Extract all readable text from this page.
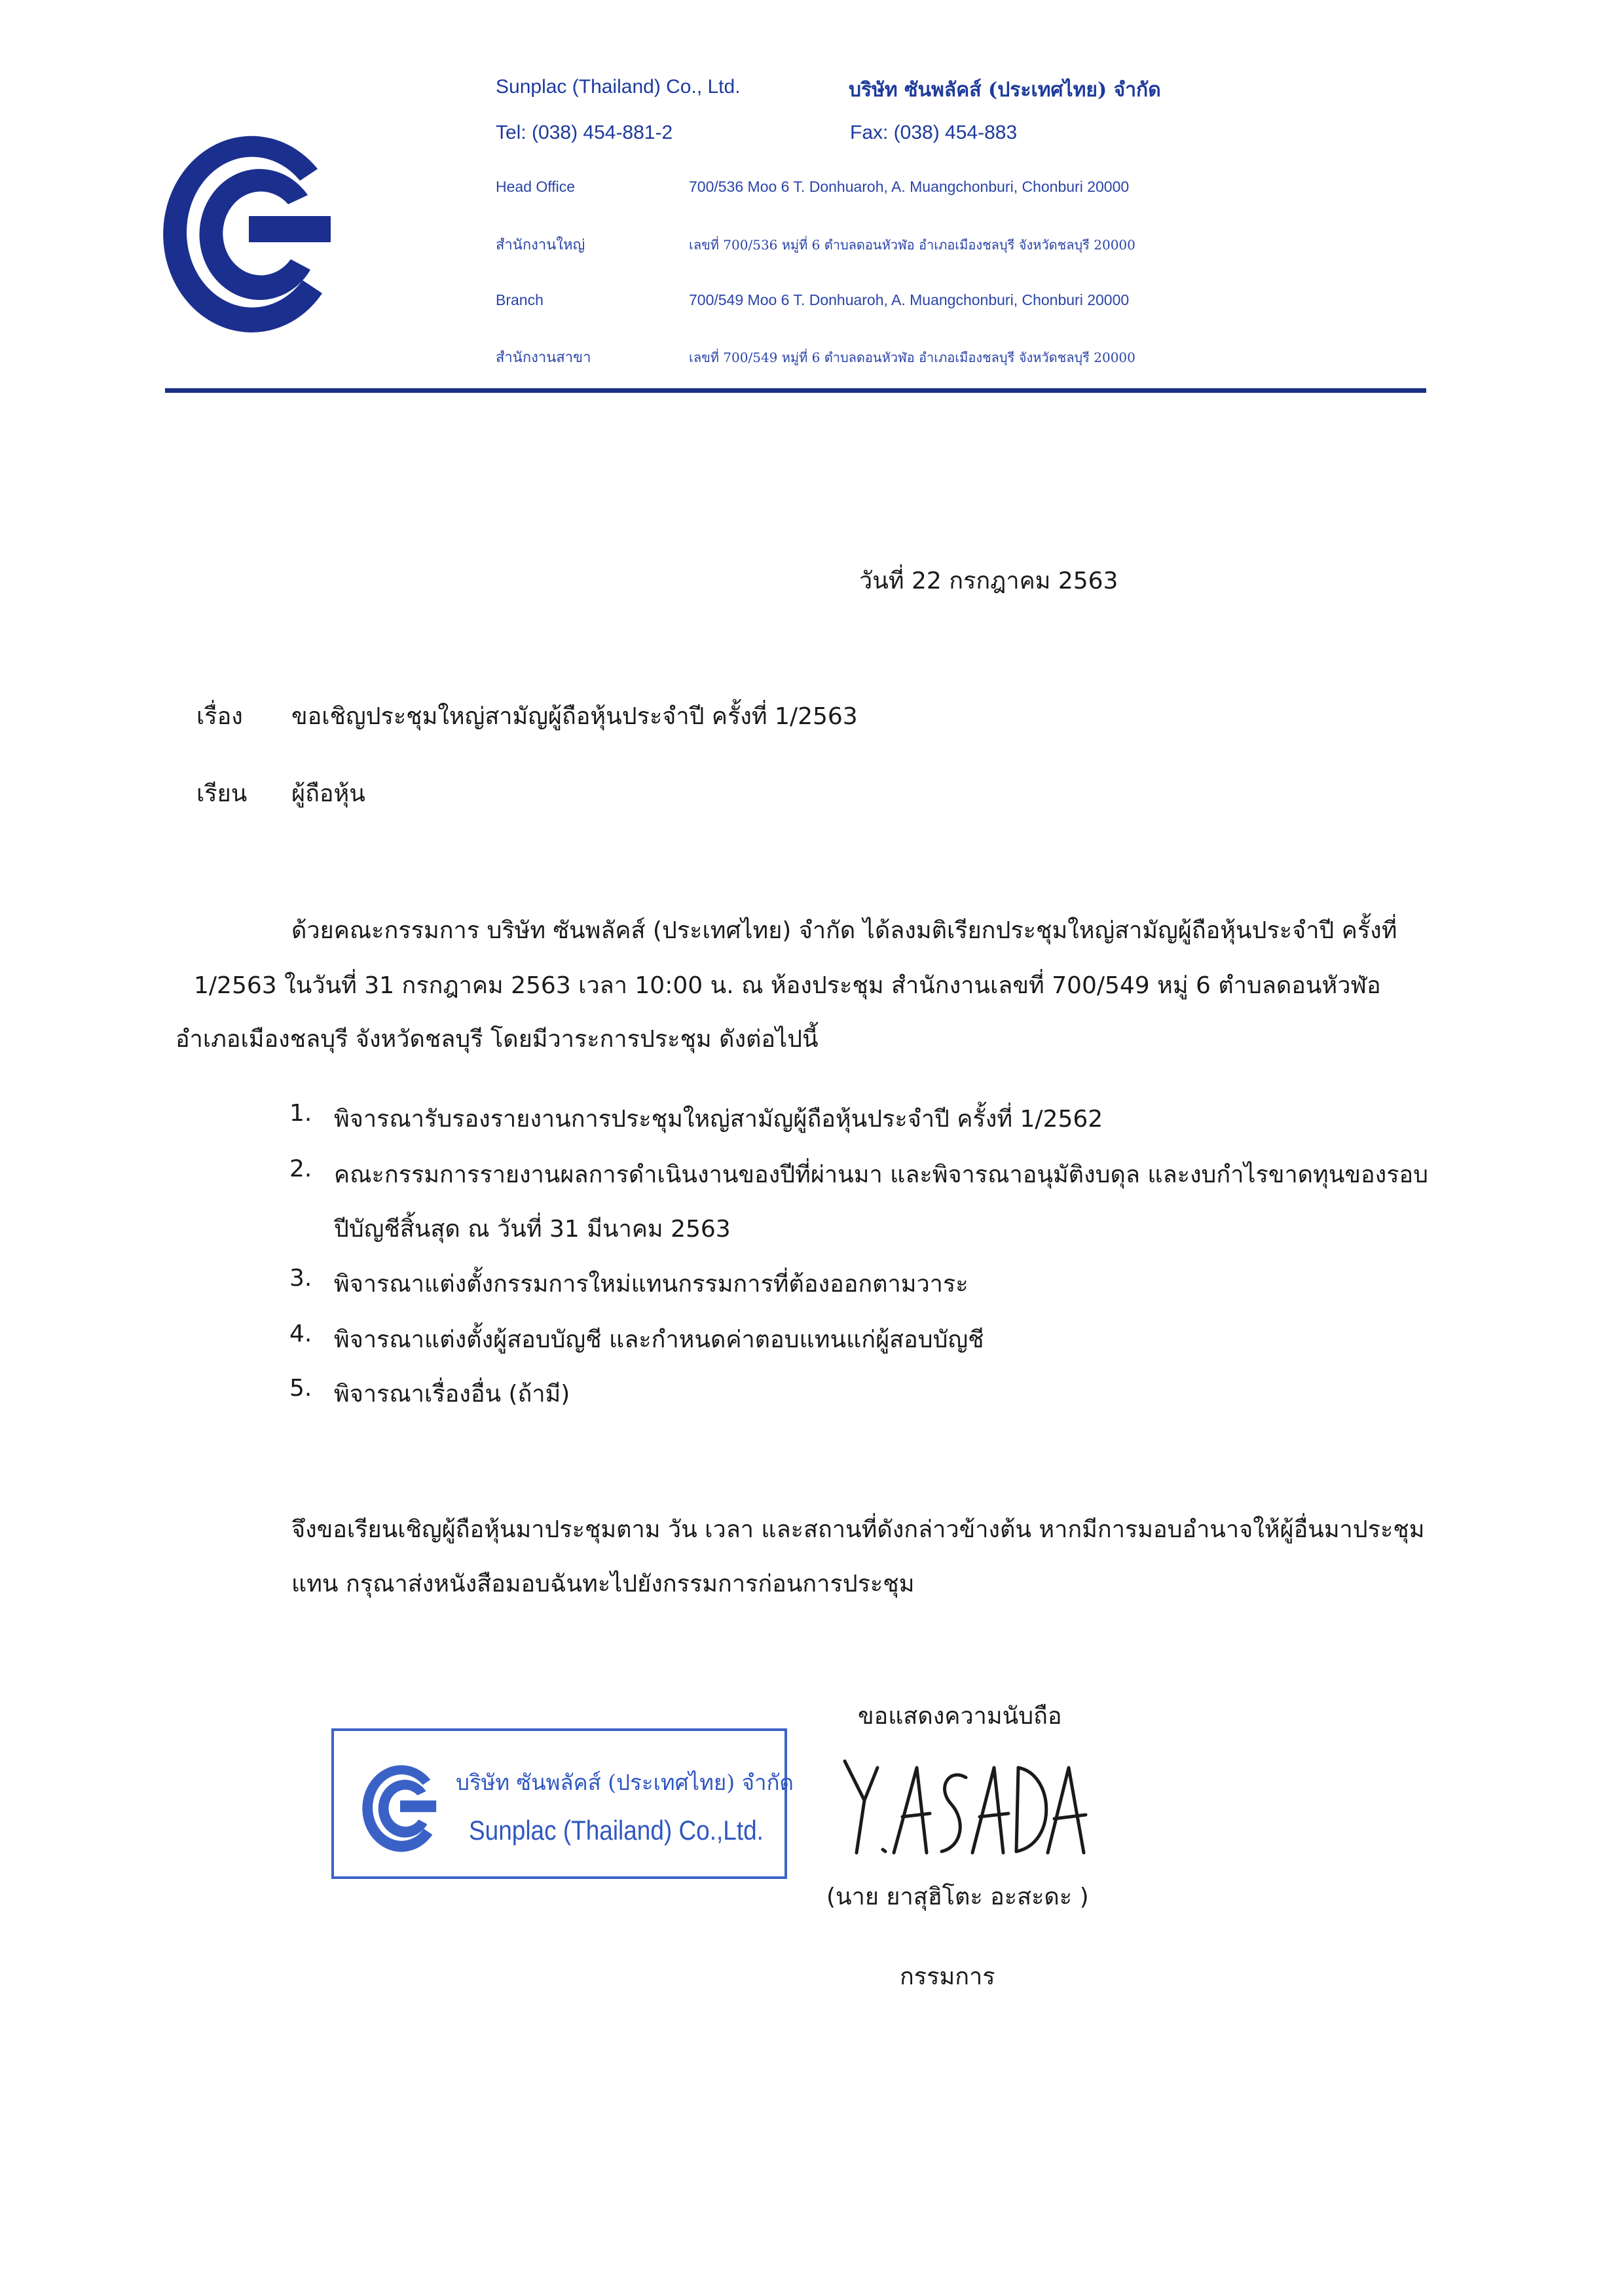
Sunplac (Thailand) Co., Ltd.	บริษัท ซันพลัคส์ (ประเทศไทย) จำกัด
Tel: (038) 454-881-2	Fax: (038) 454-883
Head Office	700/536 Moo 6 T. Donhuaroh, A. Muangchonburi, Chonburi 20000
สำนักงานใหญ่	เลขที่ 700/536 หมู่ที่ 6 ตำบลดอนหัวฬ่อ อำเภอเมืองชลบุรี จังหวัดชลบุรี 20000
Branch	700/549 Moo 6 T. Donhuaroh, A. Muangchonburi, Chonburi 20000
สำนักงานสาขา	เลขที่ 700/549 หมู่ที่ 6 ตำบลดอนหัวฬ่อ อำเภอเมืองชลบุรี จังหวัดชลบุรี 20000
วันที่ 22 กรกฎาคม 2563
เรื่อง ขอเชิญประชุมใหญ่สามัญผู้ถือหุ้นประจำปี ครั้งที่ 1/2563
เรียน ผู้ถือหุ้น
ด้วยคณะกรรมการ บริษัท ซันพลัคส์ (ประเทศไทย) จำกัด ได้ลงมติเรียกประชุมใหญ่สามัญผู้ถือหุ้นประจำปี ครั้งที่
1/2563 ในวันที่ 31 กรกฎาคม 2563 เวลา 10:00 น. ณ ห้องประชุม สำนักงานเลขที่ 700/549 หมู่ 6 ตำบลดอนหัวฬ่อ
อำเภอเมืองชลบุรี จังหวัดชลบุรี โดยมีวาระการประชุม ดังต่อไปนี้
1. พิจารณารับรองรายงานการประชุมใหญ่สามัญผู้ถือหุ้นประจำปี ครั้งที่ 1/2562
2. คณะกรรมการรายงานผลการดำเนินงานของปีที่ผ่านมา และพิจารณาอนุมัติงบดุล และงบกำไรขาดทุนของรอบ
ปีบัญชีสิ้นสุด ณ วันที่ 31 มีนาคม 2563
3. พิจารณาแต่งตั้งกรรมการใหม่แทนกรรมการที่ต้องออกตามวาระ
4. พิจารณาแต่งตั้งผู้สอบบัญชี และกำหนดค่าตอบแทนแก่ผู้สอบบัญชี
5. พิจารณาเรื่องอื่น (ถ้ามี)
จึงขอเรียนเชิญผู้ถือหุ้นมาประชุมตาม วัน เวลา และสถานที่ดังกล่าวข้างต้น หากมีการมอบอำนาจให้ผู้อื่นมาประชุม
แทน กรุณาส่งหนังสือมอบฉันทะไปยังกรรมการก่อนการประชุม
ขอแสดงความนับถือ
บริษัท ซันพลัคส์ (ประเทศไทย) จำกัด
Sunplac (Thailand) Co.,Ltd.
(นาย ยาสุฮิโตะ อะสะดะ )
กรรมการ
